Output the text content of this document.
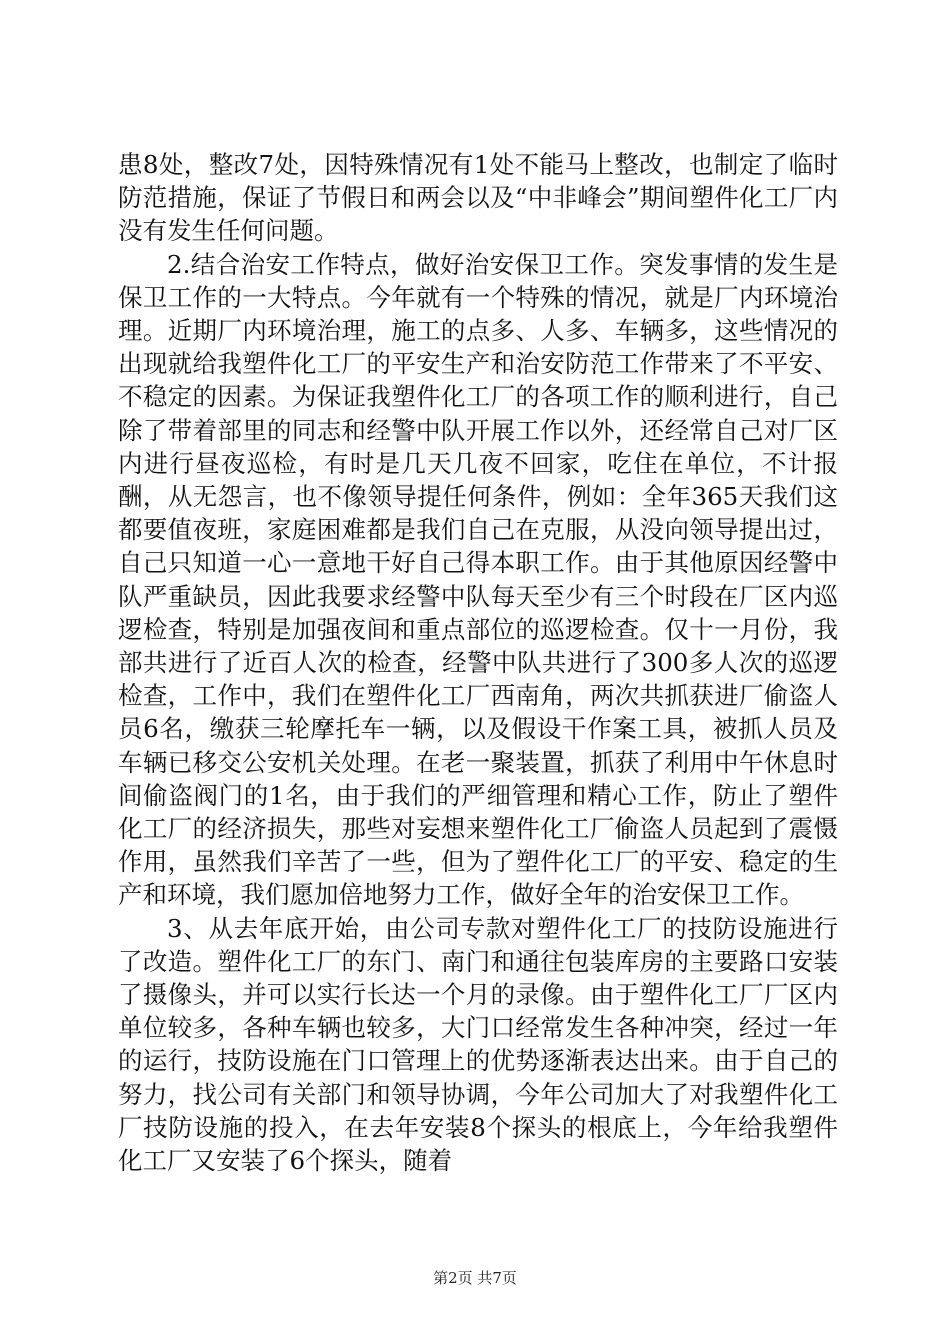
患8处，整改7处，因特殊情况有1处不能马上整改，也制定了临时防范措施，保证了节假日和两会以及“中非峰会”期间塑件化工厂内没有发生任何问题。

2.结合治安工作特点，做好治安保卫工作。突发事情的发生是保卫工作的一大特点。今年就有一个特殊的情况，就是厂内环境治理。近期厂内环境治理，施工的点多、人多、车辆多，这些情况的出现就给我塑件化工厂的平安生产和治安防范工作带来了不平安、不稳定的因素。为保证我塑件化工厂的各项工作的顺利进行，自己除了带着部里的同志和经警中队开展工作以外，还经常自己对厂区内进行昼夜巡检，有时是几天几夜不回家，吃住在单位，不计报酬，从无怨言，也不像领导提任何条件，例如：全年365天我们这都要值夜班，家庭困难都是我们自己在克服，从没向领导提出过，自己只知道一心一意地干好自己得本职工作。由于其他原因经警中队严重缺员，因此我要求经警中队每天至少有三个时段在厂区内巡逻检查，特别是加强夜间和重点部位的巡逻检查。仅十一月份，我部共进行了近百人次的检查，经警中队共进行了300多人次的巡逻检查，工作中，我们在塑件化工厂西南角，两次共抓获进厂偷盗人员6名，缴获三轮摩托车一辆，以及假设干作案工具，被抓人员及车辆已移交公安机关处理。在老一聚装置，抓获了利用中午休息时间偷盗阀门的1名，由于我们的严细管理和精心工作，防止了塑件化工厂的经济损失，那些对妄想来塑件化工厂偷盗人员起到了震慑作用，虽然我们辛苦了一些，但为了塑件化工厂的平安、稳定的生产和环境，我们愿加倍地努力工作，做好全年的治安保卫工作。

3、从去年底开始，由公司专款对塑件化工厂的技防设施进行了改造。塑件化工厂的东门、南门和通往包装库房的主要路口安装了摄像头，并可以实行长达一个月的录像。由于塑件化工厂厂区内单位较多，各种车辆也较多，大门口经常发生各种冲突，经过一年的运行，技防设施在门口管理上的优势逐渐表达出来。由于自己的努力，找公司有关部门和领导协调，今年公司加大了对我塑件化工厂技防设施的投入，在去年安装8个探头的根底上，今年给我塑件化工厂又安装了6个探头，随着

第2页 共7页
